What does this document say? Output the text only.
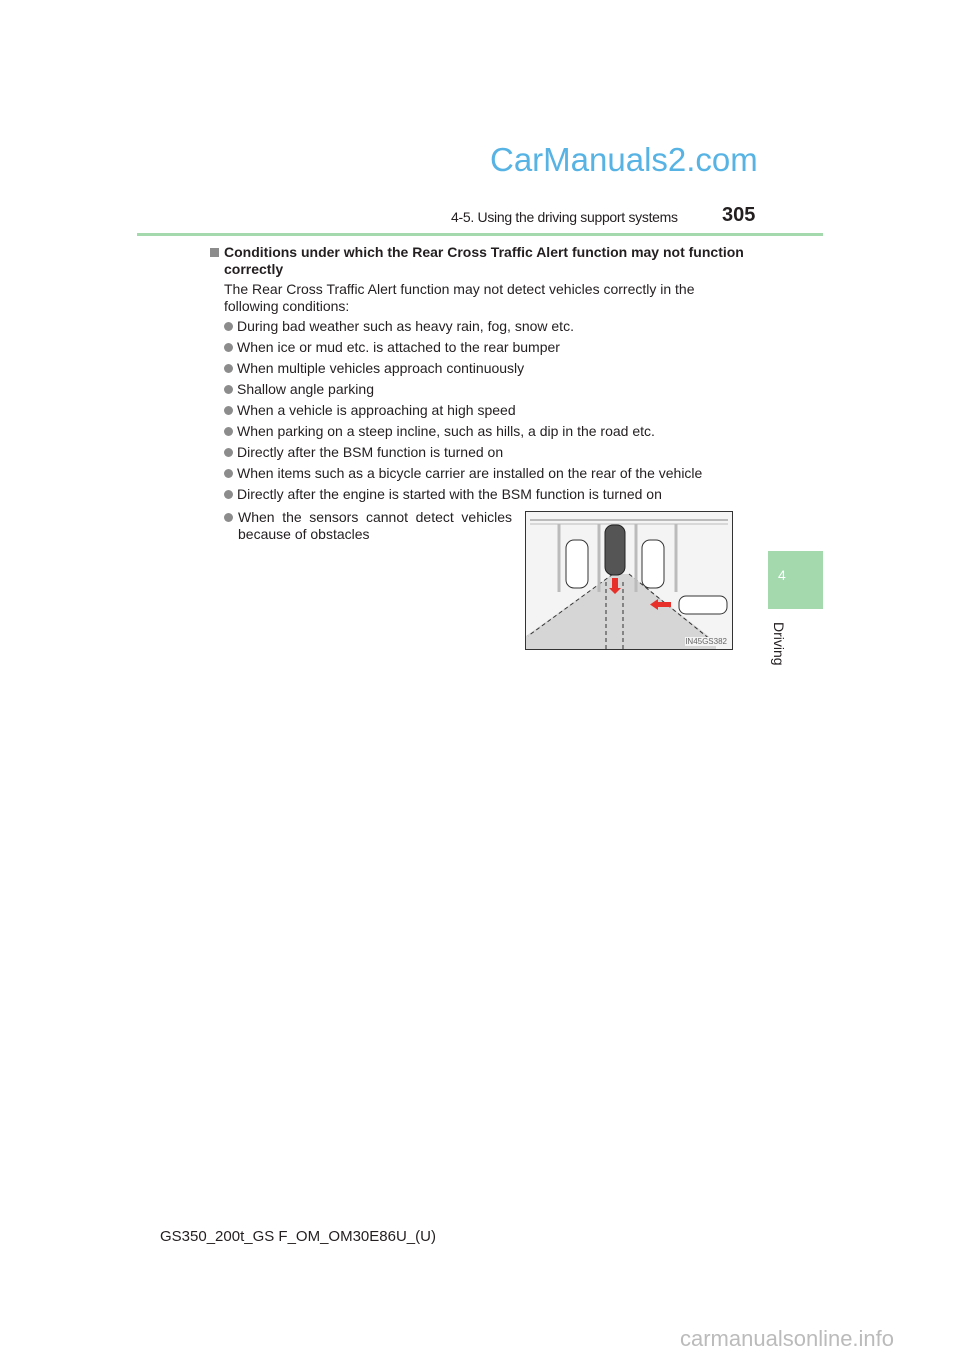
CarManuals2.com
4-5. Using the driving support systems 305
Conditions under which the Rear Cross Traffic Alert function may not function correctly
The Rear Cross Traffic Alert function may not detect vehicles correctly in the following conditions:
During bad weather such as heavy rain, fog, snow etc.
When ice or mud etc. is attached to the rear bumper
When multiple vehicles approach continuously
Shallow angle parking
When a vehicle is approaching at high speed
When parking on a steep incline, such as hills, a dip in the road etc.
Directly after the BSM function is turned on
When items such as a bicycle carrier are installed on the rear of the vehicle
Directly after the engine is started with the BSM function is turned on
When the sensors cannot detect vehicles because of obstacles
IN45GS382
4
Driving
GS350_200t_GS F_OM_OM30E86U_(U)
carmanualsonline.info
